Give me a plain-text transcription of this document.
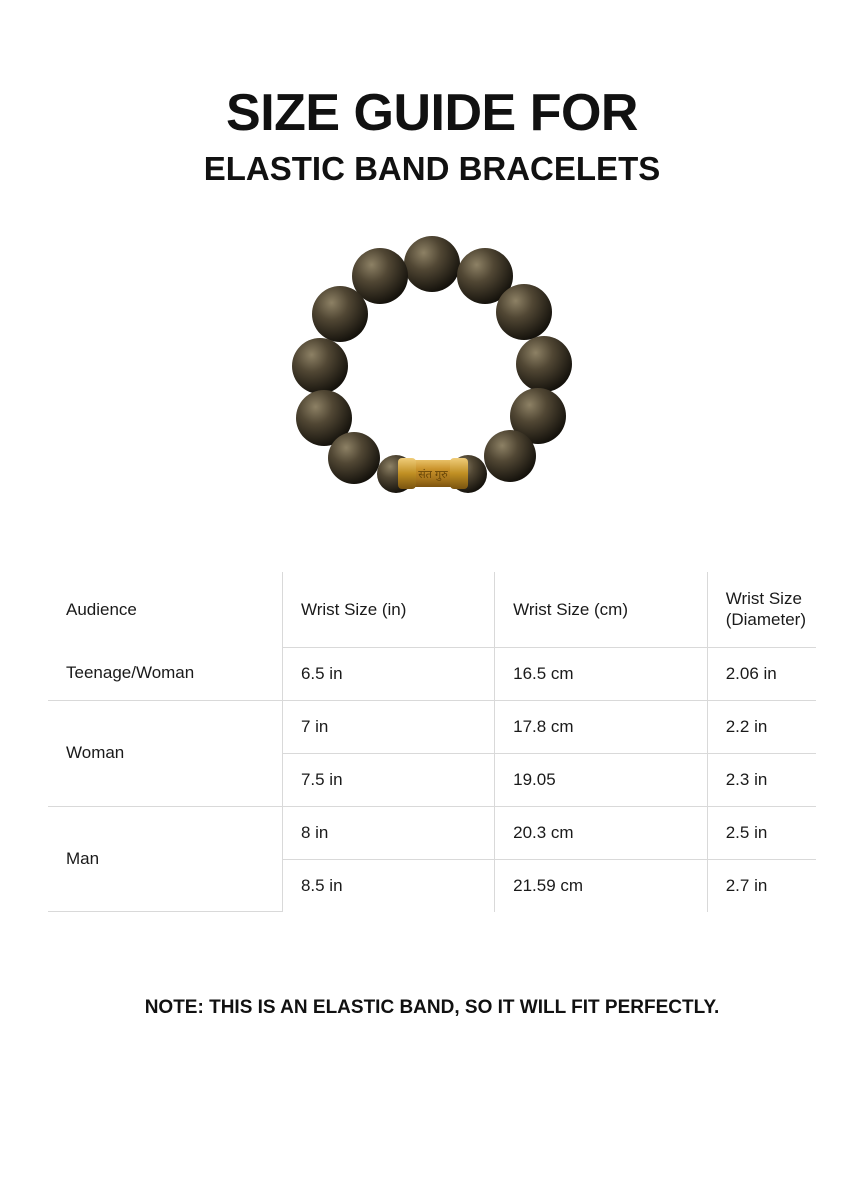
SIZE GUIDE FOR
ELASTIC BAND BRACELETS
संत गुरु
Audience	Wrist Size (in)	Wrist Size (cm)	Wrist Size (Diameter)
Teenage/Woman	6.5 in	16.5 cm	2.06 in
Woman	7 in	17.8 cm	2.2 in
	7.5 in	19.05	2.3 in
Man	8 in	20.3 cm	2.5 in
	8.5 in	21.59 cm	2.7 in
NOTE: THIS IS AN ELASTIC BAND, SO IT WILL FIT PERFECTLY.
